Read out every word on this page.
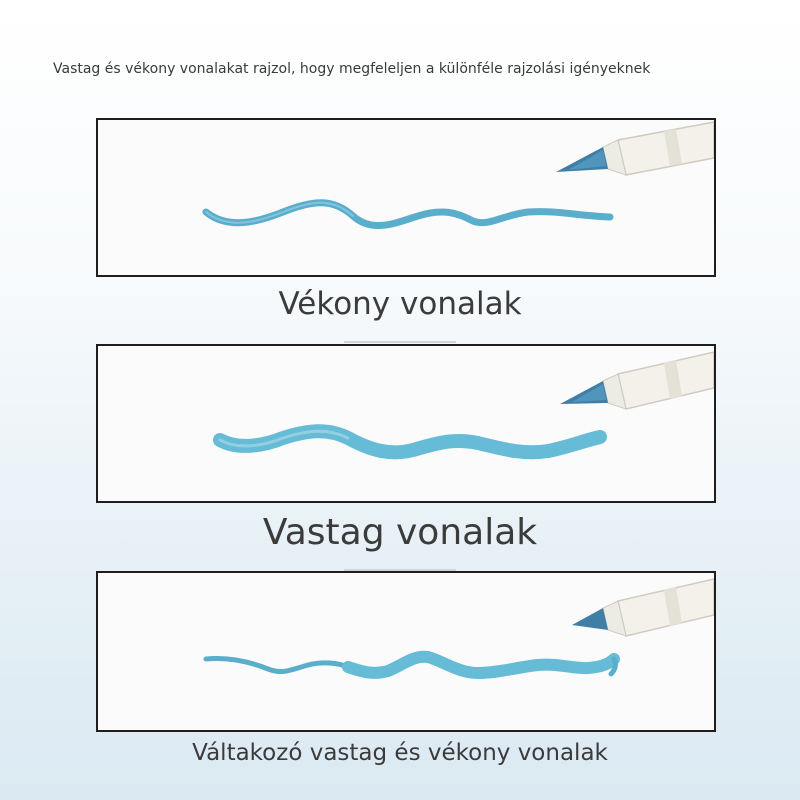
Vastag és vékony vonalakat rajzol, hogy megfeleljen a különféle rajzolási igényeknek
Vékony vonalak
Vastag vonalak
Váltakozó vastag és vékony vonalak
